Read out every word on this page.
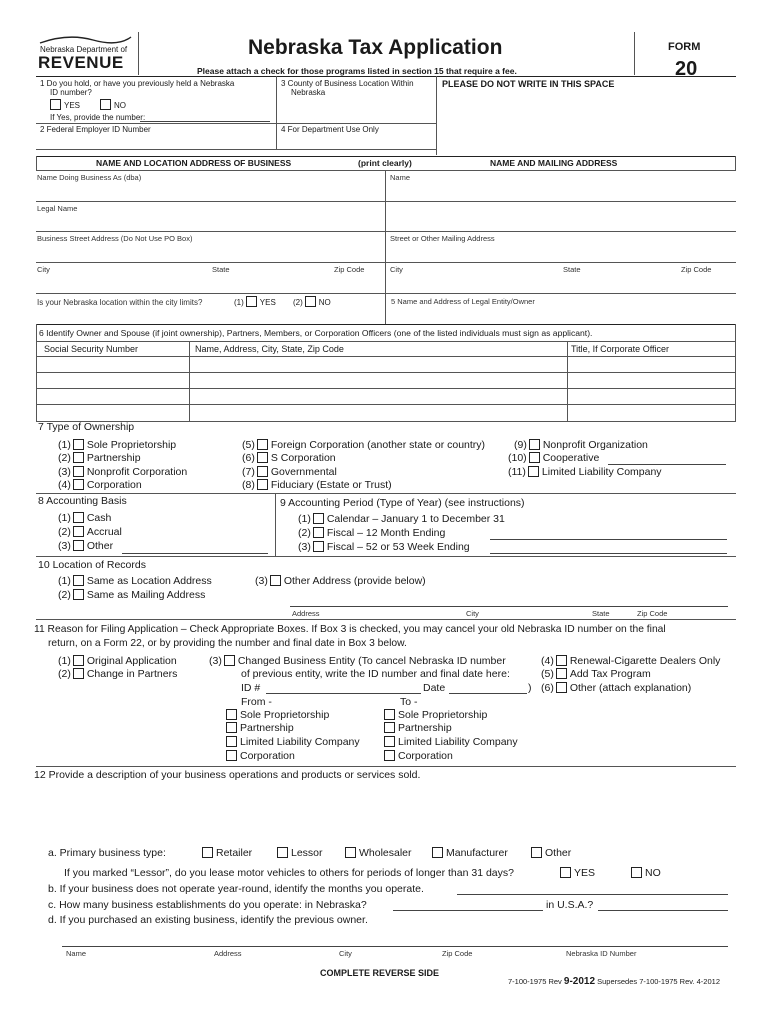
Nebraska Department of
REVENUE
Nebraska Tax Application
Please attach a check for those programs listed in section 15 that require a fee.
FORM
20
1 Do you hold, or have you previously held a Nebraska
ID number?
YES	NO
If Yes, provide the number:
2 Federal Employer ID Number
3 County of Business Location Within
Nebraska
4 For Department Use Only
PLEASE DO NOT WRITE IN THIS SPACE
NAME AND LOCATION ADDRESS OF BUSINESS	(print clearly)	NAME AND MAILING ADDRESS
Name Doing Business As (dba)	Name
Legal Name
Business Street Address (Do Not Use PO Box)	Street or Other Mailing Address
City	State	Zip Code	City	State	Zip Code
Is your Nebraska location within the city limits?	(1) YES (2) NO	5 Name and Address of Legal Entity/Owner
6 Identify Owner and Spouse (if joint ownership), Partners, Members, or Corporation Officers (one of the listed individuals must sign as applicant).
Social Security Number	Name, Address, City, State, Zip Code	Title, If Corporate Officer
7 Type of Ownership
(1) Sole Proprietorship
(2) Partnership
(3) Nonprofit Corporation
(4) Corporation
(5) Foreign Corporation (another state or country)
(6) S Corporation
(7) Governmental
(8) Fiduciary (Estate or Trust)
(9) Nonprofit Organization
(10) Cooperative
(11) Limited Liability Company
8 Accounting Basis
(1) Cash
(2) Accrual
(3) Other
9 Accounting Period (Type of Year) (see instructions)
(1) Calendar – January 1 to December 31
(2) Fiscal – 12 Month Ending
(3) Fiscal – 52 or 53 Week Ending
10 Location of Records
(1) Same as Location Address
(2) Same as Mailing Address
(3) Other Address (provide below)
Address	City	State	Zip Code
11 Reason for Filing Application – Check Appropriate Boxes. If Box 3 is checked, you may cancel your old Nebraska ID number on the final
return, on a Form 22, or by providing the number and final date in Box 3 below.
(1) Original Application
(2) Change in Partners
(3) Changed Business Entity (To cancel Nebraska ID number
of previous entity, write the ID number and final date here:
ID #	Date	)
(4) Renewal-Cigarette Dealers Only
(5) Add Tax Program
(6) Other (attach explanation)
From -	To -
Sole Proprietorship
Partnership
Limited Liability Company
Corporation
Sole Proprietorship
Partnership
Limited Liability Company
Corporation
12 Provide a description of your business operations and products or services sold.
a. Primary business type:	Retailer	Lessor	Wholesaler	Manufacturer	Other
If you marked “Lessor”, do you lease motor vehicles to others for periods of longer than 31 days?	YES	NO
b. If your business does not operate year-round, identify the months you operate.
c. How many business establishments do you operate: in Nebraska?	in U.S.A.?
d. If you purchased an existing business, identify the previous owner.
Name	Address	City	Zip Code	Nebraska ID Number
COMPLETE REVERSE SIDE
7-100-1975 Rev 9-2012 Supersedes 7-100-1975 Rev. 4-2012
